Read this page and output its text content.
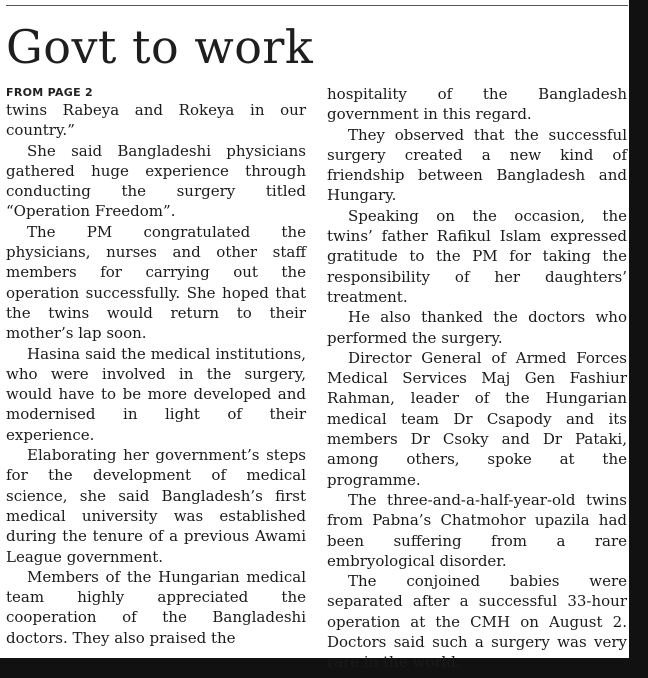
Govt to work
FROM PAGE 2

twins Rabeya and Rokeya in our country.”

She said Bangladeshi physicians gathered huge experience through conducting the surgery titled “Operation Freedom”.

The PM congratulated the physicians, nurses and other staff members for carrying out the operation successfully. She hoped that the twins would return to their mother’s lap soon.

Hasina said the medical institutions, who were involved in the surgery, would have to be more developed and modernised in light of their experience.

Elaborating her government’s steps for the development of medical science, she said Bangladesh’s first medical university was established during the tenure of a previous Awami League government.

Members of the Hungarian medical team highly appreciated the cooperation of the Bangladeshi doctors. They also praised the

hospitality of the Bangladesh government in this regard.

They observed that the successful surgery created a new kind of friendship between Bangladesh and Hungary.

Speaking on the occasion, the twins’ father Rafikul Islam expressed gratitude to the PM for taking the responsibility of her daughters’ treatment.

He also thanked the doctors who performed the surgery.

Director General of Armed Forces Medical Services Maj Gen Fashiur Rahman, leader of the Hungarian medical team Dr Csapody and its members Dr Csoky and Dr Pataki, among others, spoke at the programme.

The three-and-a-half-year-old twins from Pabna’s Chatmohor upazila had been suffering from a rare embryological disorder.

The conjoined babies were separated after a successful 33-hour operation at the CMH on August 2. Doctors said such a surgery was very rare in the world.
